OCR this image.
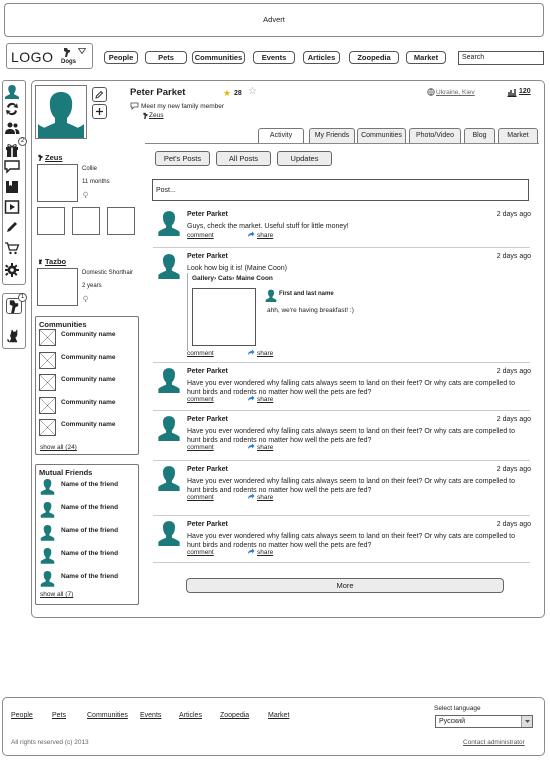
Advert
LOGO Dogs	People	Pets	Communities	Events	Articles	Zoopedia	Market	Search
2
1
Peter Parket	★ 28 ☆
Meet my new family member
Zeus
Ukraine, Kiev	120
Activity	My Friends	Communities	Photo/Video	Blog	Market
Zeus
Collie
11 months
Tazbo
Domestic Shorthair
2 years
Communities
Community name
Community name
Community name
Community name
Community name
show all (24)
Mutual Friends
Name of the friend
Name of the friend
Name of the friend
Name of the friend
Name of the friend
show all (7)
Pet's Posts	All Posts	Updates
Post...
Peter Parket	2 days ago
Guys, check the market. Useful stuff for little money!
comment	share
Peter Parket	2 days ago
Look how big it is! (Maine Coon)
Gallery› Cats› Maine Coon
First and last name
ahh, we're having breakfast! :)
comment	share
Peter Parket	2 days ago
Have you ever wondered why falling cats always seem to land on their feet? Or why cats are compelled to hunt birds and rodents no matter how well the pets are fed?
comment	share
Peter Parket	2 days ago
Have you ever wondered why falling cats always seem to land on their feet? Or why cats are compelled to hunt birds and rodents no matter how well the pets are fed?
comment	share
Peter Parket	2 days ago
Have you ever wondered why falling cats always seem to land on their feet? Or why cats are compelled to hunt birds and rodents no matter how well the pets are fed?
comment	share
Peter Parket	2 days ago
Have you ever wondered why falling cats always seem to land on their feet? Or why cats are compelled to hunt birds and rodents no matter how well the pets are fed?
comment	share
More
People	Pets	Communities Events	Articles	Zoopedia	Market
Select language
Русский
All rights reserved (c) 2013	Contact administrator
